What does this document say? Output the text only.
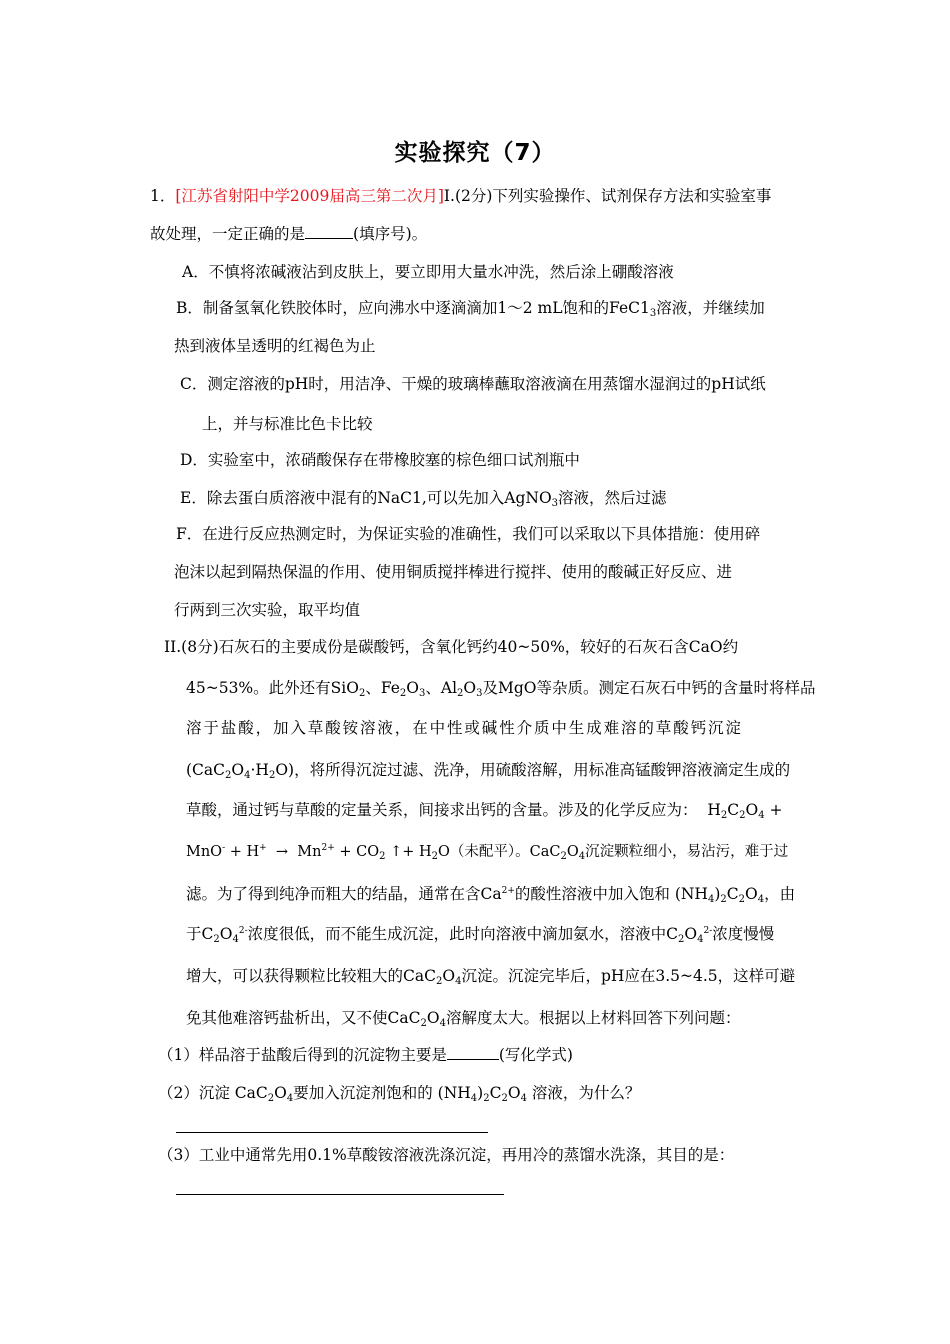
实验探究（7）
1．[江苏省射阳中学2009届高三第二次月]I.(2分)下列实验操作、试剂保存方法和实验室事
故处理，一定正确的是	(填序号)。
A．不慎将浓碱液沾到皮肤上，要立即用大量水冲洗，然后涂上硼酸溶液
B．制备氢氧化铁胶体时，应向沸水中逐滴滴加1～2 mL饱和的$FeC1_3$溶液，并继续加
热到液体呈透明的红褐色为止
C．测定溶液的pH时，用洁净、干燥的玻璃棒蘸取溶液滴在用蒸馏水湿润过的pH试纸
上，并与标准比色卡比较
D．实验室中，浓硝酸保存在带橡胶塞的棕色细口试剂瓶中
E．除去蛋白质溶液中混有的NaC1,可以先加入AgNO$_3$溶液，然后过滤
F．在进行反应热测定时，为保证实验的准确性，我们可以采取以下具体措施：使用碎
泡沫以起到隔热保温的作用、使用铜质搅拌棒进行搅拌、使用的酸碱正好反应、进
行两到三次实验，取平均值
II.(8分)石灰石的主要成份是碳酸钙，含氧化钙约40~50%，较好的石灰石含CaO约
45~53%。此外还有SiO$_2$、$Fe_2O_3$、$Al_2O_3$及MgO等杂质。测定石灰石中钙的含量时将样品
溶于盐酸，加入草酸铵溶液，在中性或碱性介质中生成难溶的草酸钙沉淀
$(CaC_2O_4\cdot H_2O)$，将所得沉淀过滤、洗净，用硫酸溶解，用标准高锰酸钾溶液滴定生成的
草酸，通过钙与草酸的定量关系，间接求出钙的含量。涉及的化学反应为： $H_2C_2O_4$ +
$MnO^- + H^+ \to Mn^{2+} + CO_2$ ↑+ $H_2O$（未配平）。$CaC_2O_4$沉淀颗粒细小，易沾污，难于过
滤。为了得到纯净而粗大的结晶，通常在含$Ca^{2+}$的酸性溶液中加入饱和 $(NH_4)_2C_2O_4$，由
于$C_2O_4^{2-}$浓度很低，而不能生成沉淀，此时向溶液中滴加氨水，溶液中$C_2O_4^{2-}$浓度慢慢
增大，可以获得颗粒比较粗大的$CaC_2O_4$沉淀。沉淀完毕后，pH应在3.5~4.5，这样可避
免其他难溶钙盐析出，又不使$CaC_2O_4$溶解度太大。根据以上材料回答下列问题：
（1）样品溶于盐酸后得到的沉淀物主要是	(写化学式)
（2）沉淀 $CaC_2O_4$要加入沉淀剂饱和的 $(NH_4)_2C_2O_4$ 溶液，为什么？
（3）工业中通常先用0.1%草酸铵溶液洗涤沉淀，再用冷的蒸馏水洗涤，其目的是：
